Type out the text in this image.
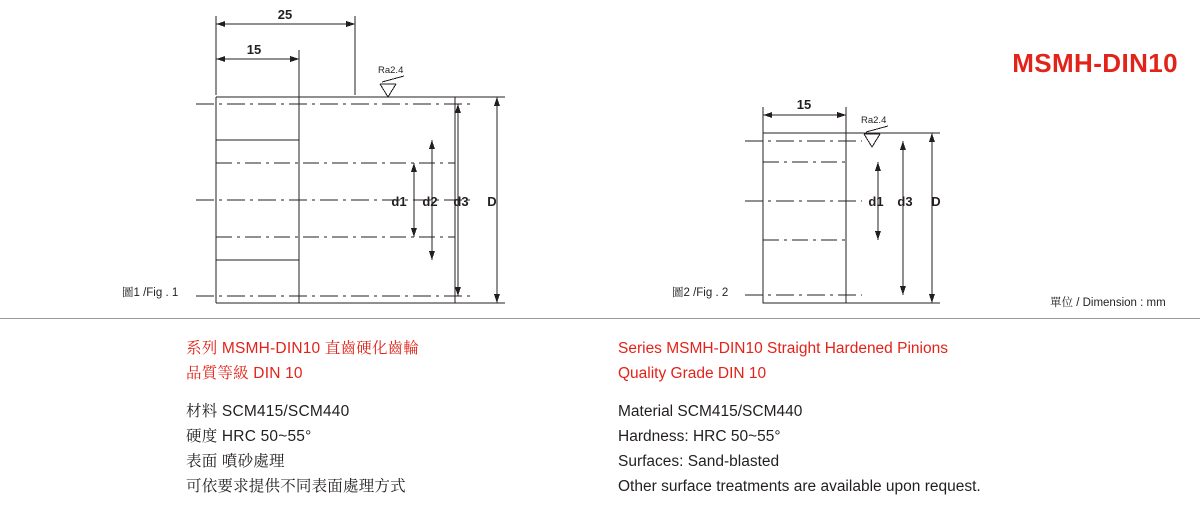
MSMH-DIN10
25
15
Ra2.4
d1 d2 d3 D
15
Ra2.4
d1 d3 D
圖1 /Fig . 1	圖2 /Fig . 2
單位 / Dimension : mm
系列 MSMH-DIN10 直齒硬化齒輪
品質等級 DIN 10
材料 SCM415/SCM440
硬度 HRC 50~55°
表面 噴砂處理
可依要求提供不同表面處理方式
Series MSMH-DIN10 Straight Hardened Pinions
Quality Grade DIN 10
Material SCM415/SCM440
Hardness: HRC 50~55°
Surfaces: Sand-blasted
Other surface treatments are available upon request.
